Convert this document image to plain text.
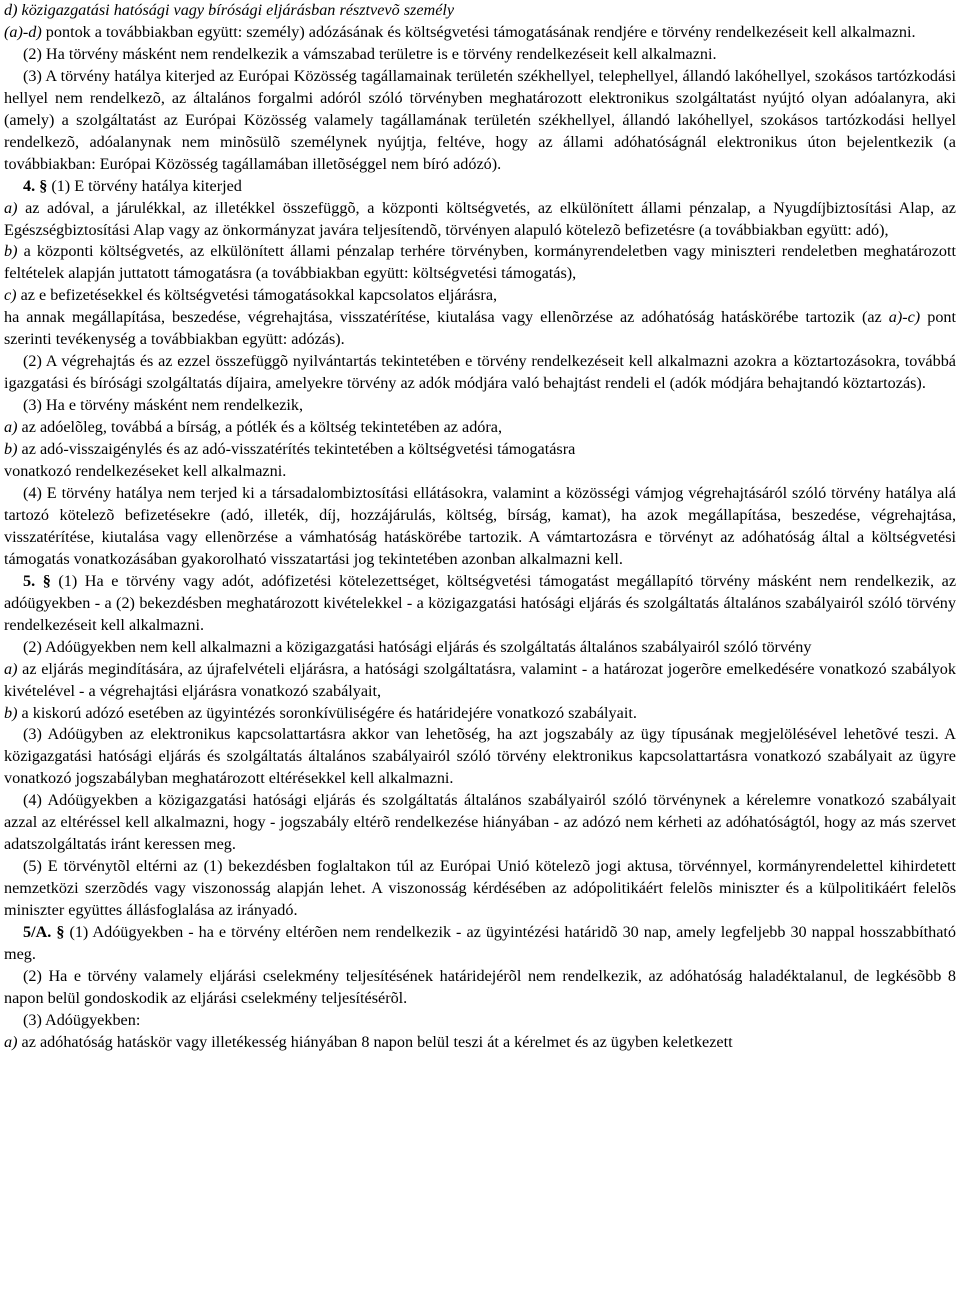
d) közigazgatási hatósági vagy bírósági eljárásban résztvevõ személy

(a)-d) pontok a továbbiakban együtt: személy) adózásának és költségvetési támogatásának rendjére e törvény rendelkezéseit kell alkalmazni.

(2) Ha törvény másként nem rendelkezik a vámszabad területre is e törvény rendelkezéseit kell alkalmazni.

(3) A törvény hatálya kiterjed az Európai Közösség tagállamainak területén székhellyel, telephellyel, állandó lakóhellyel, szokásos tartózkodási hellyel nem rendelkezõ, az általános forgalmi adóról szóló törvényben meghatározott elektronikus szolgáltatást nyújtó olyan adóalanyra, aki (amely) a szolgáltatást az Európai Közösség valamely tagállamának területén székhellyel, állandó lakóhellyel, szokásos tartózkodási hellyel rendelkezõ, adóalanynak nem minõsülõ személynek nyújtja, feltéve, hogy az állami adóhatóságnál elektronikus úton bejelentkezik (a továbbiakban: Európai Közösség tagállamában illetõséggel nem bíró adózó).

4. § (1) E törvény hatálya kiterjed

a) az adóval, a járulékkal, az illetékkel összefüggõ, a központi költségvetés, az elkülönített állami pénzalap, a Nyugdíjbiztosítási Alap, az Egészségbiztosítási Alap vagy az önkormányzat javára teljesítendõ, törvényen alapuló kötelezõ befizetésre (a továbbiakban együtt: adó),

b) a központi költségvetés, az elkülönített állami pénzalap terhére törvényben, kormányrendeletben vagy miniszteri rendeletben meghatározott feltételek alapján juttatott támogatásra (a továbbiakban együtt: költségvetési támogatás),

c) az e befizetésekkel és költségvetési támogatásokkal kapcsolatos eljárásra,

ha annak megállapítása, beszedése, végrehajtása, visszatérítése, kiutalása vagy ellenõrzése az adóhatóság hatáskörébe tartozik (az a)-c) pont szerinti tevékenység a továbbiakban együtt: adózás).

(2) A végrehajtás és az ezzel összefüggõ nyilvántartás tekintetében e törvény rendelkezéseit kell alkalmazni azokra a köztartozásokra, továbbá igazgatási és bírósági szolgáltatás díjaira, amelyekre törvény az adók módjára való behajtást rendeli el (adók módjára behajtandó köztartozás).

(3) Ha e törvény másként nem rendelkezik,

a) az adóelõleg, továbbá a bírság, a pótlék és a költség tekintetében az adóra,

b) az adó-visszaigénylés és az adó-visszatérítés tekintetében a költségvetési támogatásra

vonatkozó rendelkezéseket kell alkalmazni.

(4) E törvény hatálya nem terjed ki a társadalombiztosítási ellátásokra, valamint a közösségi vámjog végrehajtásáról szóló törvény hatálya alá tartozó kötelezõ befizetésekre (adó, illeték, díj, hozzájárulás, költség, bírság, kamat), ha azok megállapítása, beszedése, végrehajtása, visszatérítése, kiutalása vagy ellenõrzése a vámhatóság hatáskörébe tartozik. A vámtartozásra e törvényt az adóhatóság által a költségvetési támogatás vonatkozásában gyakorolható visszatartási jog tekintetében azonban alkalmazni kell.

5. § (1) Ha e törvény vagy adót, adófizetési kötelezettséget, költségvetési támogatást megállapító törvény másként nem rendelkezik, az adóügyekben - a (2) bekezdésben meghatározott kivételekkel - a közigazgatási hatósági eljárás és szolgáltatás általános szabályairól szóló törvény rendelkezéseit kell alkalmazni.

(2) Adóügyekben nem kell alkalmazni a közigazgatási hatósági eljárás és szolgáltatás általános szabályairól szóló törvény

a) az eljárás megindítására, az újrafelvételi eljárásra, a hatósági szolgáltatásra, valamint - a határozat jogerõre emelkedésére vonatkozó szabályok kivételével - a végrehajtási eljárásra vonatkozó szabályait,

b) a kiskorú adózó esetében az ügyintézés soronkívüliségére és határidejére vonatkozó szabályait.

(3) Adóügyben az elektronikus kapcsolattartásra akkor van lehetõség, ha azt jogszabály az ügy típusának megjelölésével lehetõvé teszi. A közigazgatási hatósági eljárás és szolgáltatás általános szabályairól szóló törvény elektronikus kapcsolattartásra vonatkozó szabályait az ügyre vonatkozó jogszabályban meghatározott eltérésekkel kell alkalmazni.

(4) Adóügyekben a közigazgatási hatósági eljárás és szolgáltatás általános szabályairól szóló törvénynek a kérelemre vonatkozó szabályait azzal az eltéréssel kell alkalmazni, hogy - jogszabály eltérõ rendelkezése hiányában - az adózó nem kérheti az adóhatóságtól, hogy az más szervet adatszolgáltatás iránt keressen meg.

(5) E törvénytõl eltérni az (1) bekezdésben foglaltakon túl az Európai Unió kötelezõ jogi aktusa, törvénnyel, kormányrendelettel kihirdetett nemzetközi szerzõdés vagy viszonosság alapján lehet. A viszonosság kérdésében az adópolitikáért felelõs miniszter és a külpolitikáért felelõs miniszter együttes állásfoglalása az irányadó.

5/A. § (1) Adóügyekben - ha e törvény eltérõen nem rendelkezik - az ügyintézési határidõ 30 nap, amely legfeljebb 30 nappal hosszabbítható meg.

(2) Ha e törvény valamely eljárási cselekmény teljesítésének határidejérõl nem rendelkezik, az adóhatóság haladéktalanul, de legkésõbb 8 napon belül gondoskodik az eljárási cselekmény teljesítésérõl.

(3) Adóügyekben:

a) az adóhatóság hatáskör vagy illetékesség hiányában 8 napon belül teszi át a kérelmet és az ügyben keletkezett
